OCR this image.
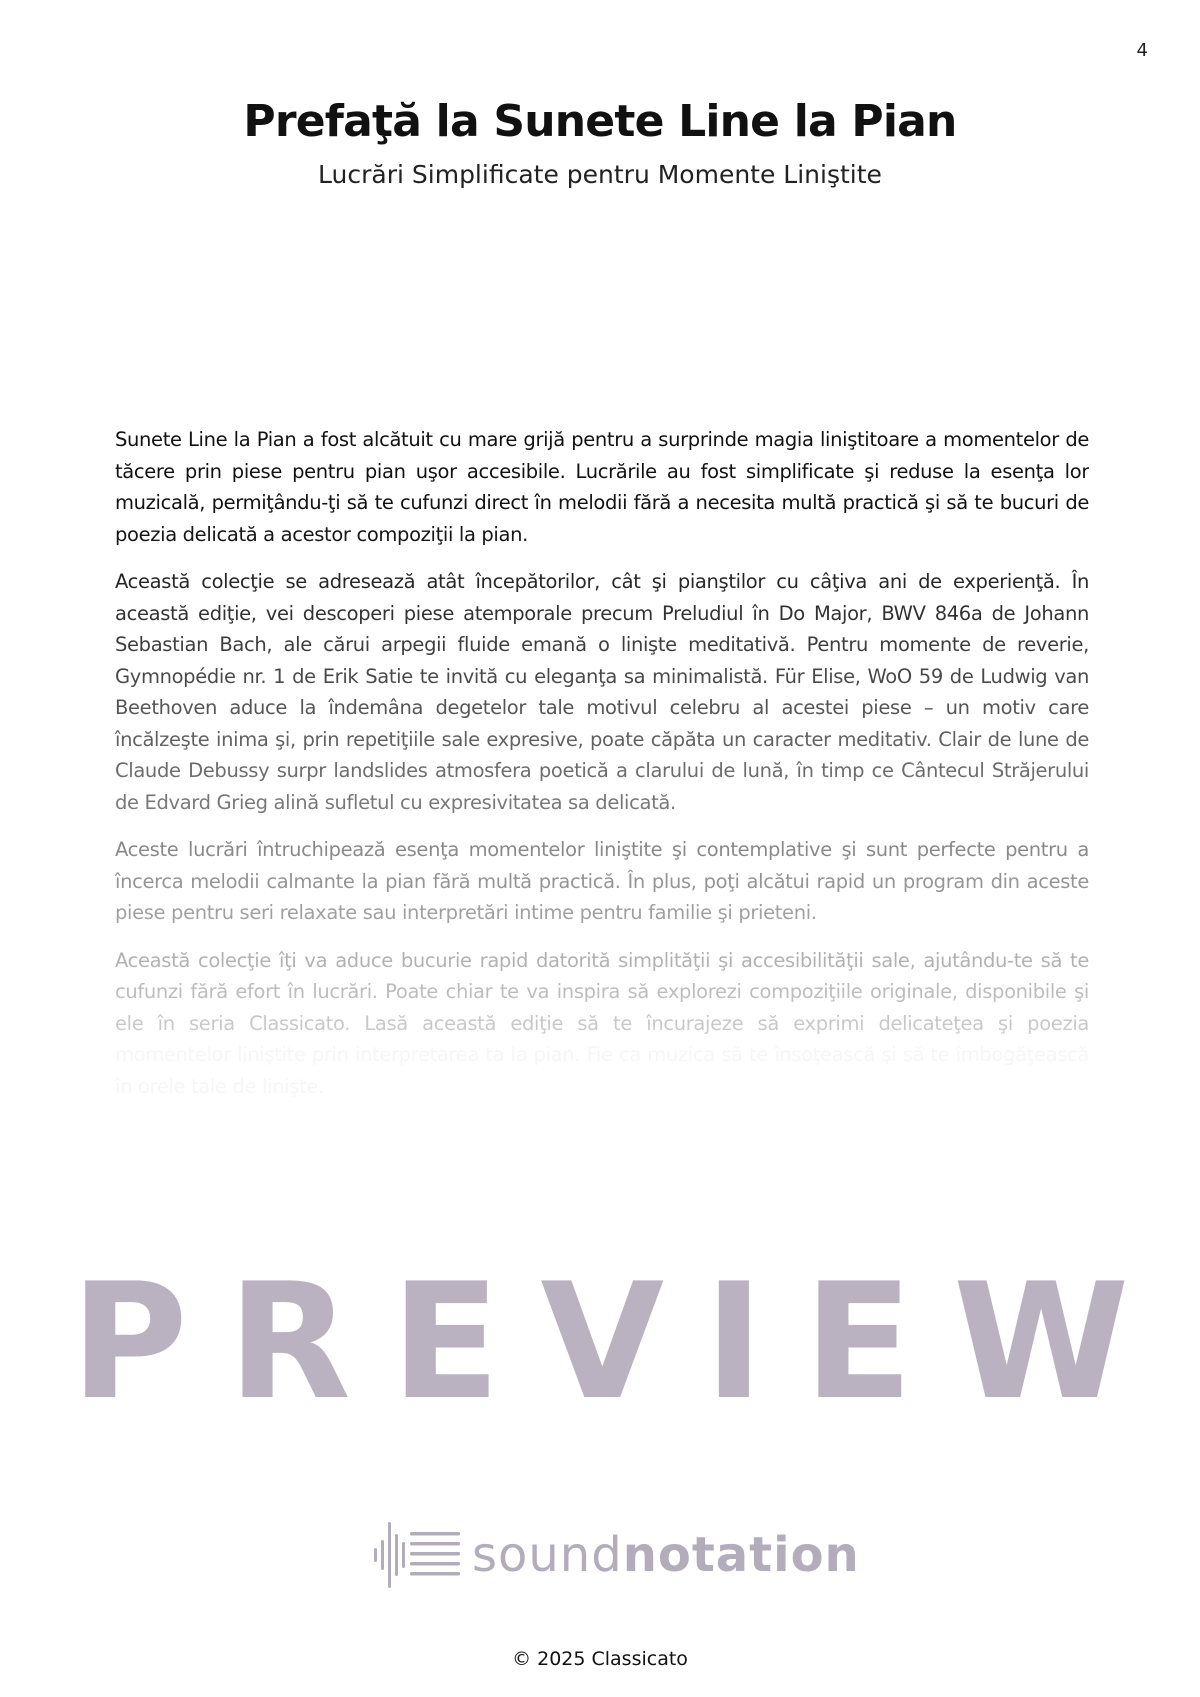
4
Prefaţă la Sunete Line la Pian
Lucrări Simplificate pentru Momente Liniştite

Sunete Line la Pian a fost alcătuit cu mare grijă pentru a surprinde magia liniştitoare a momentelor de tăcere prin piese pentru pian uşor accesibile. Lucrările au fost simplificate şi reduse la esenţa lor muzicală, permiţându-ţi să te cufunzi direct în melodii fără a necesita multă practică şi să te bucuri de poezia delicată a acestor compoziţii la pian.

Această colecţie se adresează atât începătorilor, cât şi pianştilor cu câţiva ani de experienţă. În această ediţie, vei descoperi piese atemporale precum Preludiul în Do Major, BWV 846a de Johann Sebastian Bach, ale cărui arpegii fluide emană o linişte meditativă. Pentru momente de reverie, Gymnopédie nr. 1 de Erik Satie te invită cu eleganţa sa minimalistă. Für Elise, WoO 59 de Ludwig van Beethoven aduce la îndemâna degetelor tale motivul celebru al acestei piese – un motiv care încălzeşte inima şi, prin repetiţiile sale expresive, poate căpăta un caracter meditativ. Clair de lune de Claude Debussy surpr landslides atmosfera poetică a clarului de lună, în timp ce Cântecul Străjerului de Edvard Grieg alină sufletul cu expresivitatea sa delicată.

Aceste lucrări întruchipează esenţa momentelor liniştite şi contemplative şi sunt perfecte pentru a încerca melodii calmante la pian fără multă practică. În plus, poţi alcătui rapid un program din aceste piese pentru seri relaxate sau interpretări intime pentru familie şi prieteni.

Această colecţie îţi va aduce bucurie rapid datorită simplităţii şi accesibilităţii sale, ajutându-te să te cufunzi fără efort în lucrări. Poate chiar te va inspira să explorezi compoziţiile originale, disponibile şi ele în seria Classicato. Lasă această ediţie să te încurajeze să exprimi delicateţea şi poezia momentelor liniştite prin interpretarea ta la pian. Fie ca muzica să te însoţească şi să te îmbogăţească în orele tale de linişte.

PREVIEW
soundnotation
© 2025 Classicato
